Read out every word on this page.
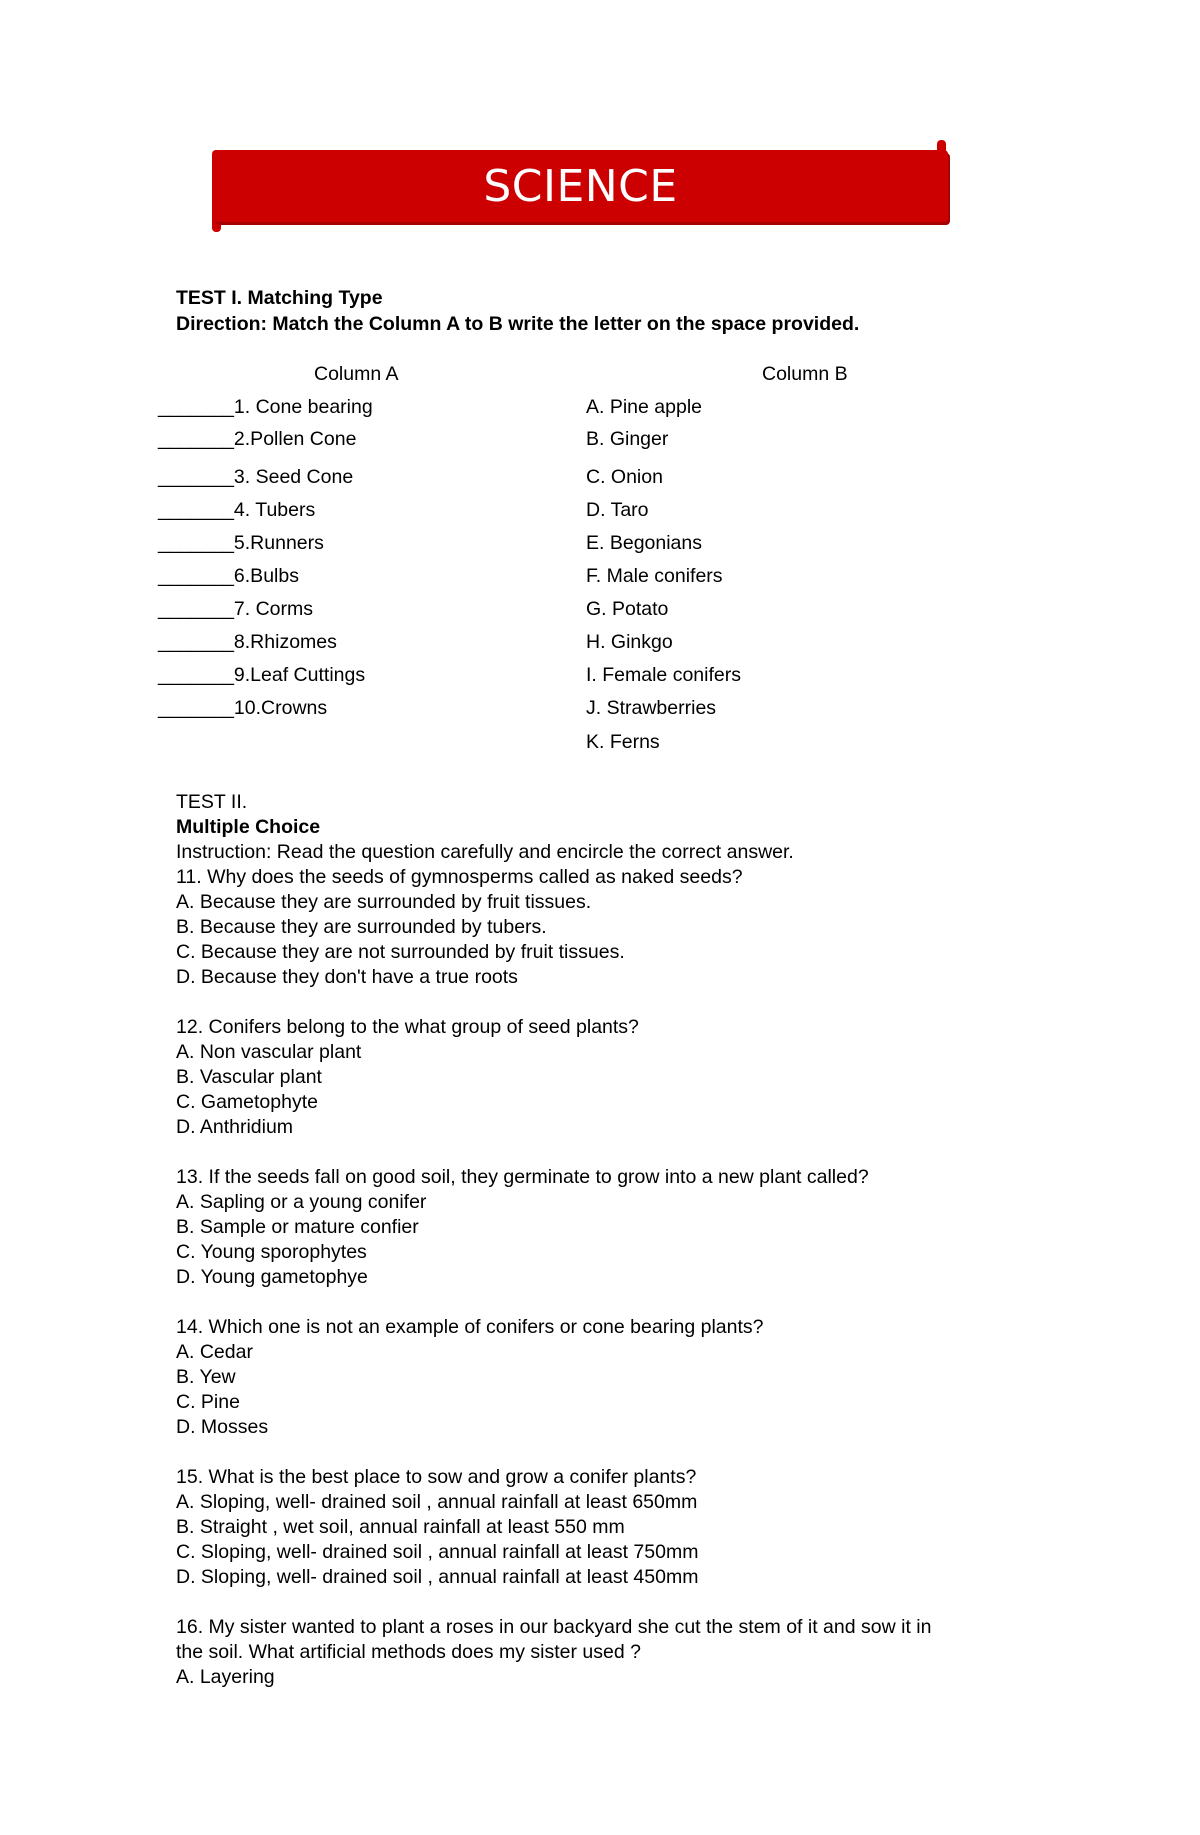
SCIENCE
TEST I. Matching Type
Direction: Match the Column A to B write the letter on the space provided.
Column A	Column B
_______1. Cone bearing
_______2.Pollen Cone
_______3. Seed Cone
_______4. Tubers
_______5.Runners
_______6.Bulbs
_______7. Corms
_______8.Rhizomes
_______9.Leaf Cuttings
_______10.Crowns
A. Pine apple
B. Ginger
C. Onion
D. Taro
E. Begonians
F. Male conifers
G. Potato
H. Ginkgo
I. Female conifers
J. Strawberries
K. Ferns
TEST II.
Multiple Choice
Instruction: Read the question carefully and encircle the correct answer.
11. Why does the seeds of gymnosperms called as naked seeds?
A. Because they are surrounded by fruit tissues.
B. Because they are surrounded by tubers.
C. Because they are not surrounded by fruit tissues.
D. Because they don't have a true roots
12. Conifers belong to the what group of seed plants?
A. Non vascular plant
B. Vascular plant
C. Gametophyte
D. Anthridium
13. If the seeds fall on good soil, they germinate to grow into a new plant called?
A. Sapling or a young conifer
B. Sample or mature confier
C. Young sporophytes
D. Young gametophye
14. Which one is not an example of conifers or cone bearing plants?
A. Cedar
B. Yew
C. Pine
D. Mosses
15. What is the best place to sow and grow a conifer plants?
A. Sloping, well- drained soil , annual rainfall at least 650mm
B. Straight , wet soil, annual rainfall at least 550 mm
C. Sloping, well- drained soil , annual rainfall at least 750mm
D. Sloping, well- drained soil , annual rainfall at least 450mm
16. My sister wanted to plant a roses in our backyard she cut the stem of it and sow it in
the soil. What artificial methods does my sister used ?
A. Layering
